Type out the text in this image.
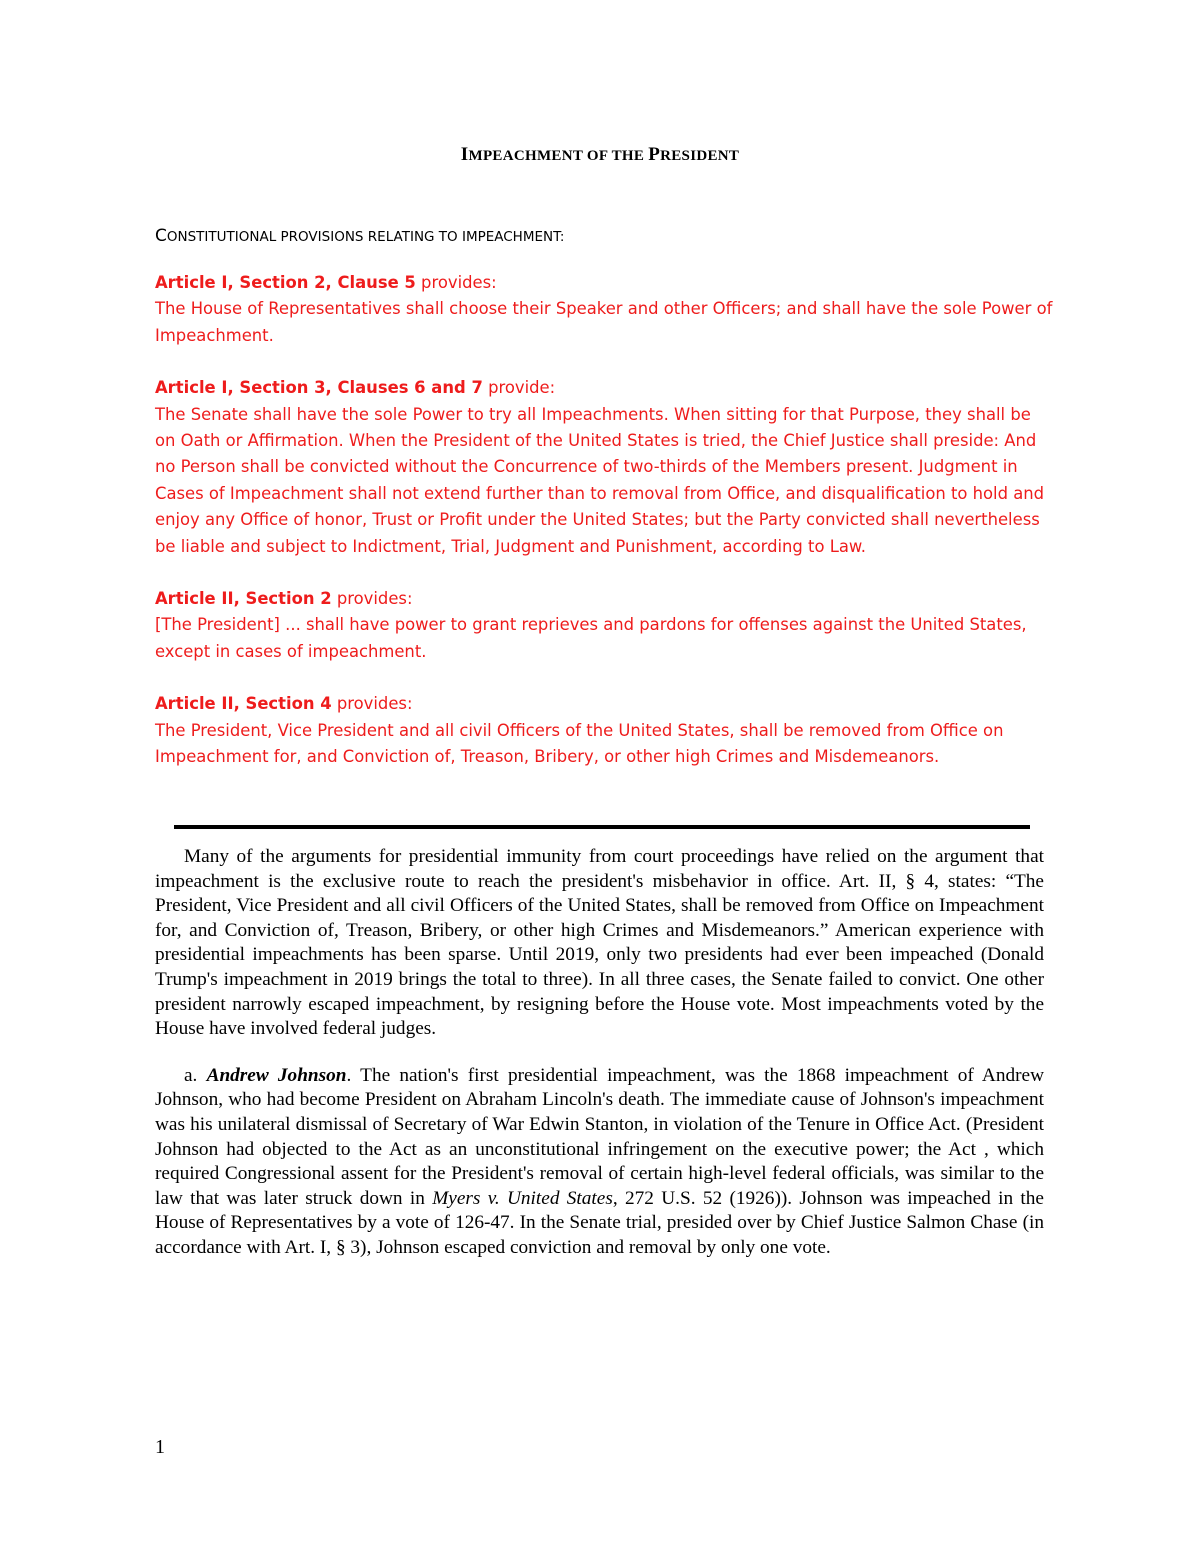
IMPEACHMENT OF THE PRESIDENT
CONSTITUTIONAL PROVISIONS RELATING TO IMPEACHMENT:
Article I, Section 2, Clause 5 provides:
The House of Representatives shall choose their Speaker and other Officers; and shall have the sole Power of Impeachment.
Article I, Section 3, Clauses 6 and 7 provide:
The Senate shall have the sole Power to try all Impeachments. When sitting for that Purpose, they shall be on Oath or Affirmation. When the President of the United States is tried, the Chief Justice shall preside: And no Person shall be convicted without the Concurrence of two-thirds of the Members present. Judgment in Cases of Impeachment shall not extend further than to removal from Office, and disqualification to hold and enjoy any Office of honor, Trust or Profit under the United States; but the Party convicted shall nevertheless be liable and subject to Indictment, Trial, Judgment and Punishment, according to Law.
Article II, Section 2 provides:
[The President] ... shall have power to grant reprieves and pardons for offenses against the United States, except in cases of impeachment.
Article II, Section 4 provides:
The President, Vice President and all civil Officers of the United States, shall be removed from Office on Impeachment for, and Conviction of, Treason, Bribery, or other high Crimes and Misdemeanors.

Many of the arguments for presidential immunity from court proceedings have relied on the argument that impeachment is the exclusive route to reach the president's misbehavior in office. Art. II, § 4, states: “The President, Vice President and all civil Officers of the United States, shall be removed from Office on Impeachment for, and Conviction of, Treason, Bribery, or other high Crimes and Misdemeanors.” American experience with presidential impeachments has been sparse. Until 2019, only two presidents had ever been impeached (Donald Trump's impeachment in 2019 brings the total to three). In all three cases, the Senate failed to convict. One other president narrowly escaped impeachment, by resigning before the House vote. Most impeachments voted by the House have involved federal judges.

a. Andrew Johnson. The nation's first presidential impeachment, was the 1868 impeachment of Andrew Johnson, who had become President on Abraham Lincoln's death. The immediate cause of Johnson's impeachment was his unilateral dismissal of Secretary of War Edwin Stanton, in violation of the Tenure in Office Act. (President Johnson had objected to the Act as an unconstitutional infringement on the executive power; the Act , which required Congressional assent for the President's removal of certain high-level federal officials, was similar to the law that was later struck down in Myers v. United States, 272 U.S. 52 (1926)). Johnson was impeached in the House of Representatives by a vote of 126-47. In the Senate trial, presided over by Chief Justice Salmon Chase (in accordance with Art. I, § 3), Johnson escaped conviction and removal by only one vote.

1
